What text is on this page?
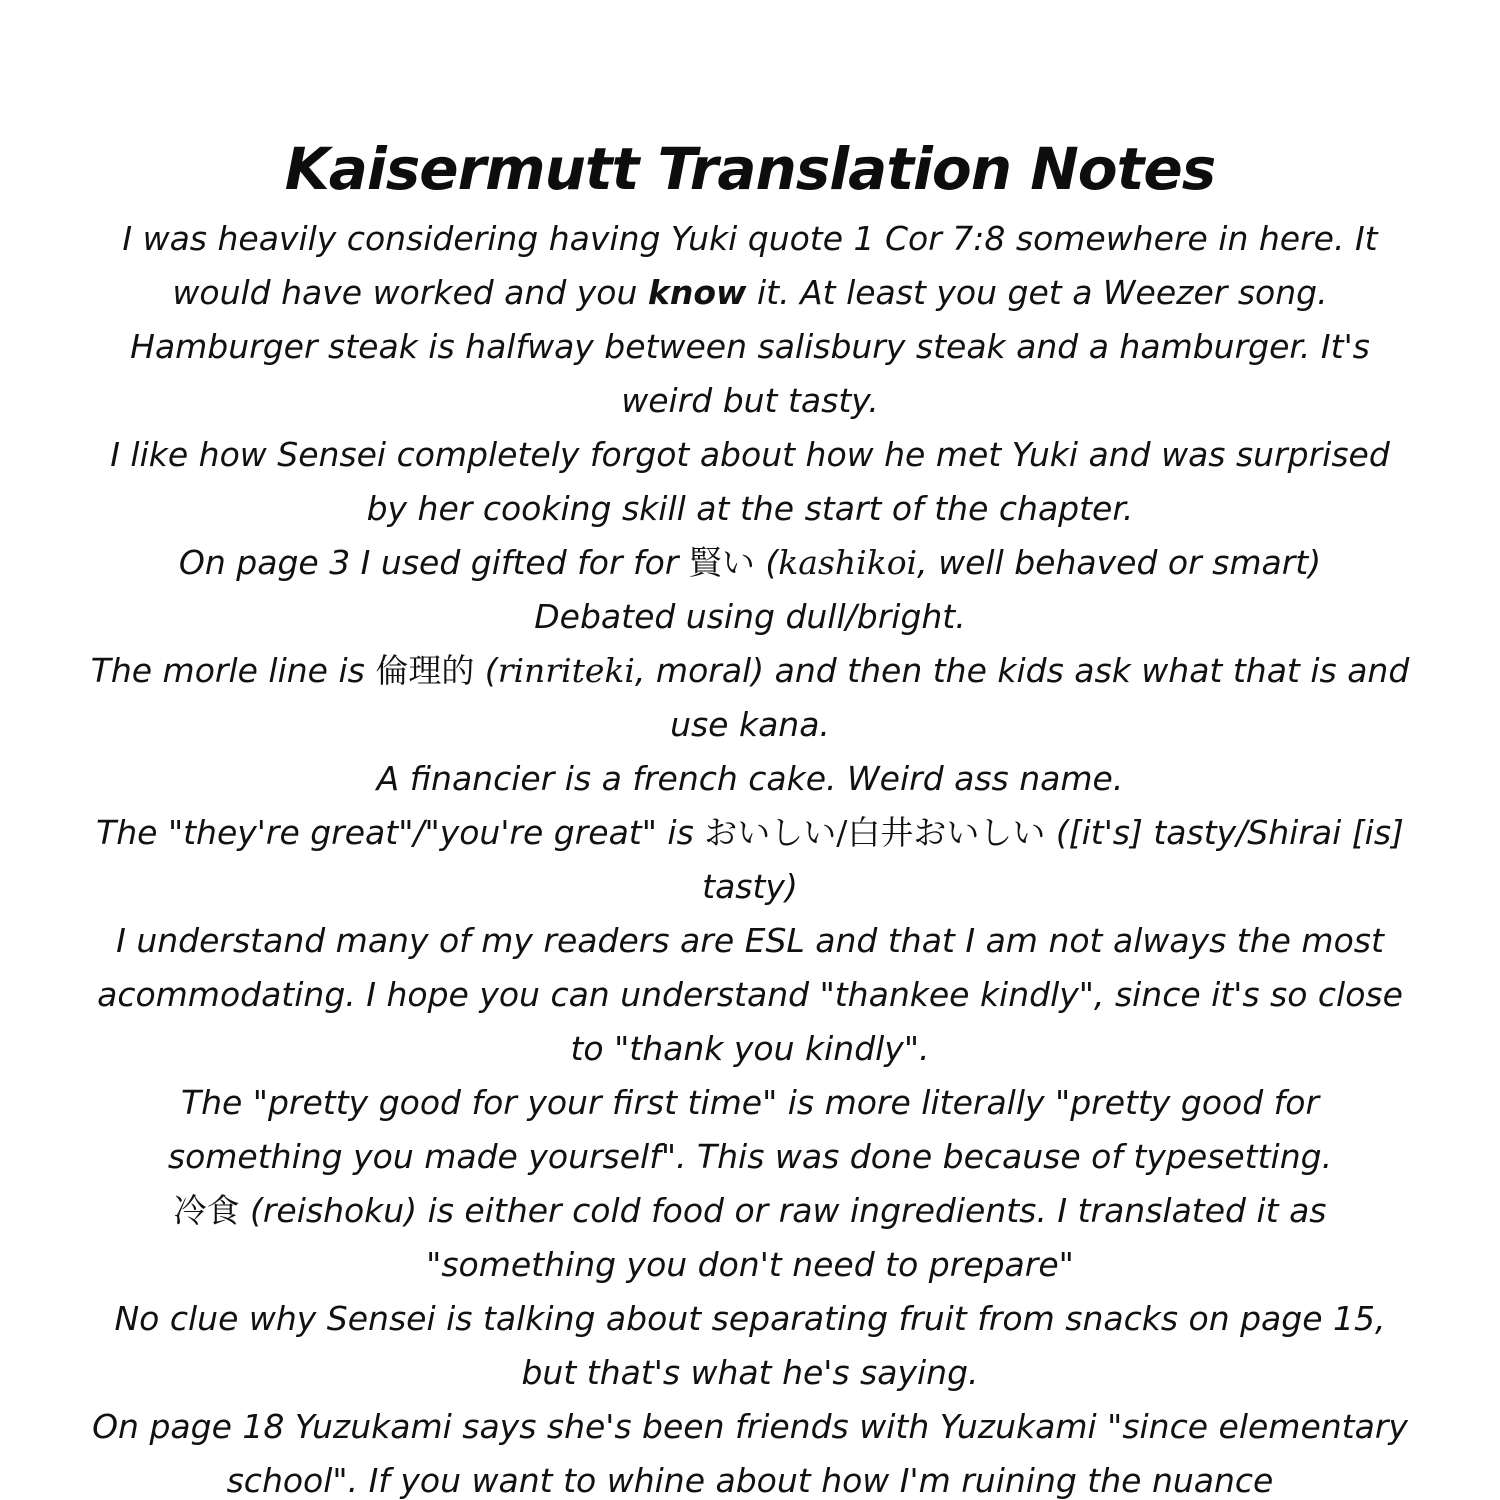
Kaisermutt Translation Notes

I was heavily considering having Yuki quote 1 Cor 7:8 somewhere in here. It would have worked and you know it. At least you get a Weezer song.

Hamburger steak is halfway between salisbury steak and a hamburger. It's weird but tasty.

I like how Sensei completely forgot about how he met Yuki and was surprised by her cooking skill at the start of the chapter.

On page 3 I used gifted for for 賢い (kashikoi, well behaved or smart)

Debated using dull/bright.

The morle line is 倫理的 (rinriteki, moral) and then the kids ask what that is and use kana.

A financier is a french cake. Weird ass name.

The "they're great"/"you're great" is おいしい/白井おいしい ([it's] tasty/Shirai [is] tasty)

I understand many of my readers are ESL and that I am not always the most acommodating. I hope you can understand "thankee kindly", since it's so close to "thank you kindly".

The "pretty good for your first time" is more literally "pretty good for something you made yourself". This was done because of typesetting.

冷食 (reishoku) is either cold food or raw ingredients. I translated it as "something you don't need to prepare"

No clue why Sensei is talking about separating fruit from snacks on page 15, but that's what he's saying.

On page 18 Yuzukami says she's been friends with Yuzukami "since elementary school". If you want to whine about how I'm ruining the nuance
